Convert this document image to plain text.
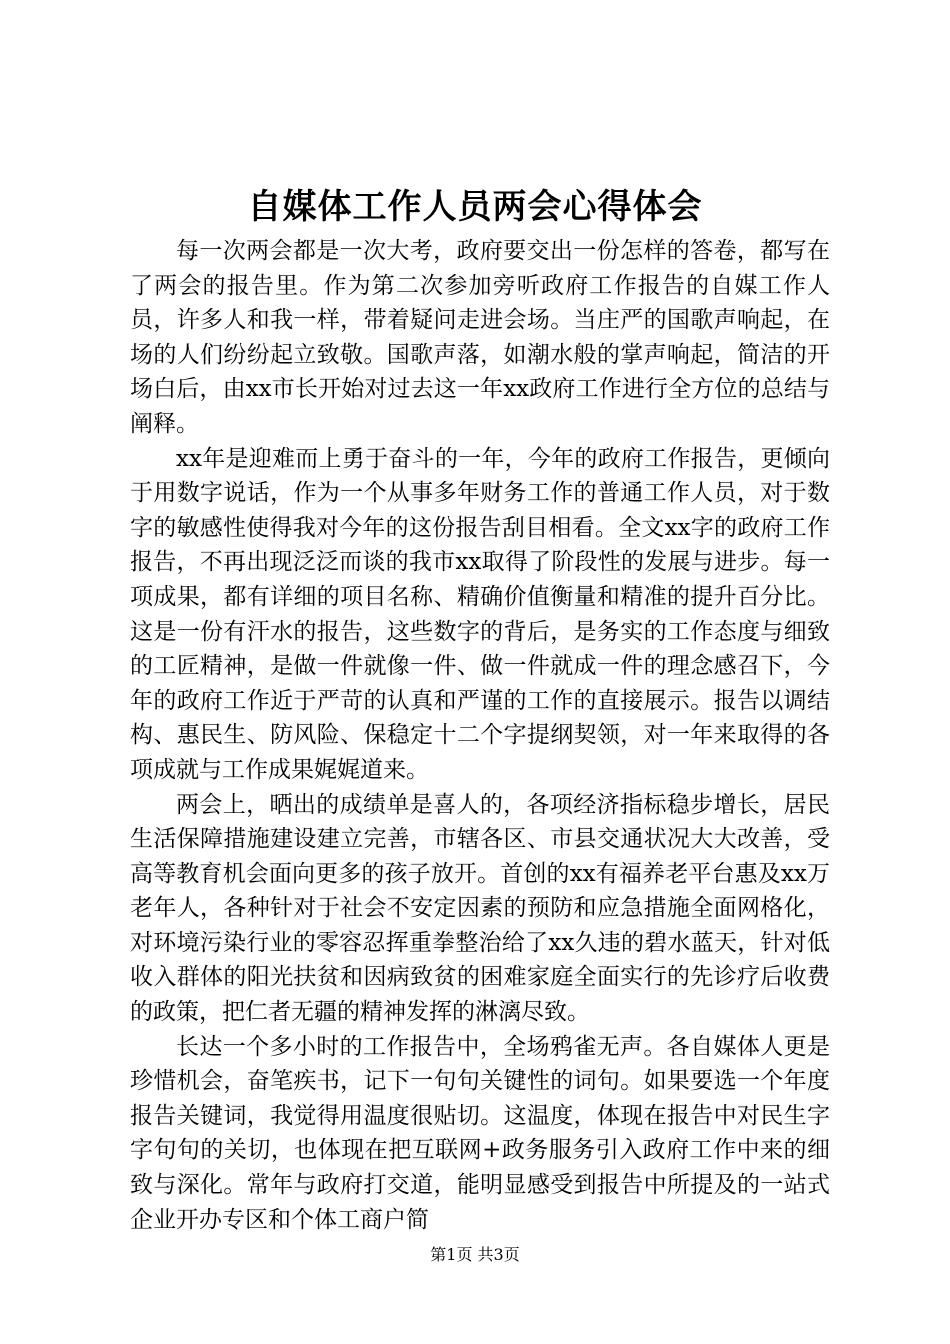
自媒体工作人员两会心得体会

每一次两会都是一次大考，政府要交出一份怎样的答卷，都写在了两会的报告里。作为第二次参加旁听政府工作报告的自媒工作人员，许多人和我一样，带着疑问走进会场。当庄严的国歌声响起，在场的人们纷纷起立致敬。国歌声落，如潮水般的掌声响起，简洁的开场白后，由xx市长开始对过去这一年xx政府工作进行全方位的总结与阐释。

xx年是迎难而上勇于奋斗的一年，今年的政府工作报告，更倾向于用数字说话，作为一个从事多年财务工作的普通工作人员，对于数字的敏感性使得我对今年的这份报告刮目相看。全文xx字的政府工作报告，不再出现泛泛而谈的我市xx取得了阶段性的发展与进步。每一项成果，都有详细的项目名称、精确价值衡量和精准的提升百分比。这是一份有汗水的报告，这些数字的背后，是务实的工作态度与细致的工匠精神，是做一件就像一件、做一件就成一件的理念感召下，今年的政府工作近于严苛的认真和严谨的工作的直接展示。报告以调结构、惠民生、防风险、保稳定十二个字提纲契领，对一年来取得的各项成就与工作成果娓娓道来。

两会上，晒出的成绩单是喜人的，各项经济指标稳步增长，居民生活保障措施建设建立完善，市辖各区、市县交通状况大大改善，受高等教育机会面向更多的孩子放开。首创的xx有福养老平台惠及xx万老年人，各种针对于社会不安定因素的预防和应急措施全面网格化，对环境污染行业的零容忍挥重拳整治给了xx久违的碧水蓝天，针对低收入群体的阳光扶贫和因病致贫的困难家庭全面实行的先诊疗后收费的政策，把仁者无疆的精神发挥的淋漓尽致。

长达一个多小时的工作报告中，全场鸦雀无声。各自媒体人更是珍惜机会，奋笔疾书，记下一句句关键性的词句。如果要选一个年度报告关键词，我觉得用温度很贴切。这温度，体现在报告中对民生字字句句的关切，也体现在把互联网+政务服务引入政府工作中来的细致与深化。常年与政府打交道，能明显感受到报告中所提及的一站式企业开办专区和个体工商户简

第1页 共3页
